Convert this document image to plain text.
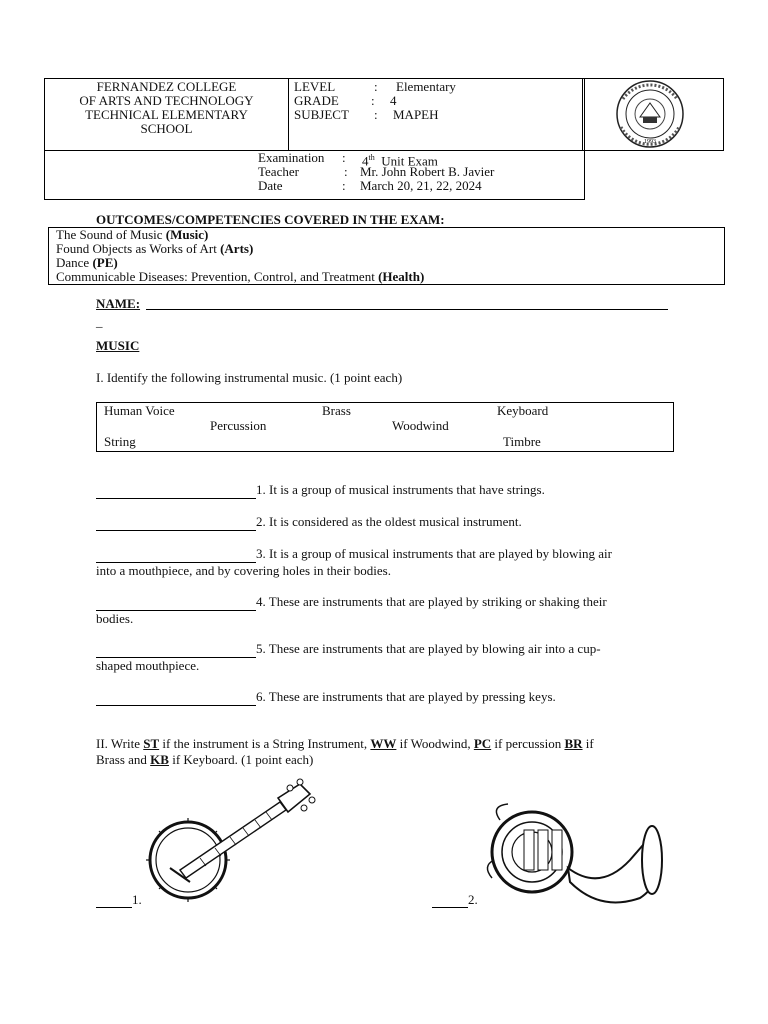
FERNANDEZ COLLEGE
OF ARTS AND TECHNOLOGY
TECHNICAL ELEMENTARY
SCHOOL
LEVEL	: Elementary
GRADE : 4
SUBJECT : MAPEH
Examination : 4th Unit Exam
Teacher	: Mr. John Robert B. Javier
Date	: March 20, 21, 22, 2024
1993
OUTCOMES/COMPETENCIES COVERED IN THE EXAM:
The Sound of Music (Music)
Found Objects as Works of Art (Arts)
Dance (PE)
Communicable Diseases: Prevention, Control, and Treatment (Health)
NAME:
_
MUSIC
I. Identify the following instrumental music. (1 point each)
Human Voice	Brass	Keyboard
Percussion	Woodwind
String	Timbre
1. It is a group of musical instruments that have strings.
2. It is considered as the oldest musical instrument.
3. It is a group of musical instruments that are played by blowing air
into a mouthpiece, and by covering holes in their bodies.
4. These are instruments that are played by striking or shaking their
bodies.
5. These are instruments that are played by blowing air into a cup-
shaped mouthpiece.
6. These are instruments that are played by pressing keys.
II. Write ST if the instrument is a String Instrument, WW if Woodwind, PC if percussion BR if
Brass and KB if Keyboard. (1 point each)
1.	2.
